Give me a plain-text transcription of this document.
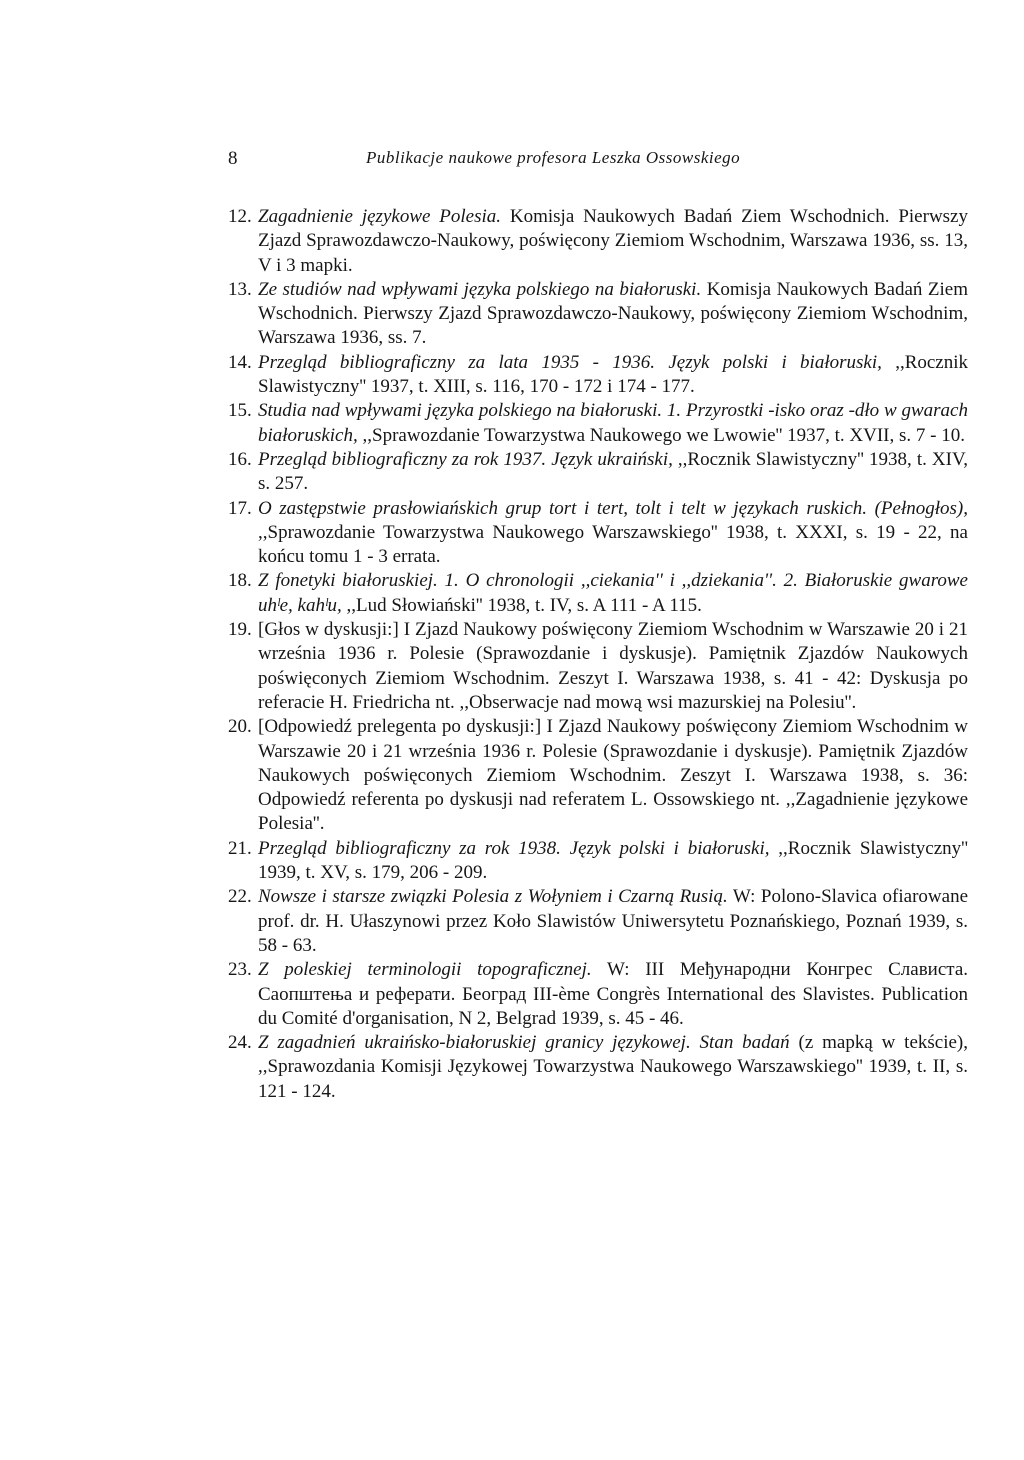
8	Publikacje naukowe profesora Leszka Ossowskiego
12. Zagadnienie językowe Polesia. Komisja Naukowych Badań Ziem Wschodnich. Pierwszy Zjazd Sprawozdawczo-Naukowy, poświęcony Ziemiom Wschodnim, Warszawa 1936, ss. 13, V i 3 mapki.
13. Ze studiów nad wpływami języka polskiego na białoruski. Komisja Naukowych Badań Ziem Wschodnich. Pierwszy Zjazd Sprawozdawczo-Naukowy, poświęcony Ziemiom Wschodnim, Warszawa 1936, ss. 7.
14. Przegląd bibliograficzny za lata 1935 - 1936. Język polski i białoruski, ,,Rocznik Slawistyczny'' 1937, t. XIII, s. 116, 170 - 172 i 174 - 177.
15. Studia nad wpływami języka polskiego na białoruski. 1. Przyrostki -isko oraz -dło w gwarach białoruskich, ,,Sprawozdanie Towarzystwa Naukowego we Lwowie'' 1937, t. XVII, s. 7 - 10.
16. Przegląd bibliograficzny za rok 1937. Język ukraiński, ,,Rocznik Slawistyczny'' 1938, t. XIV, s. 257.
17. O zastępstwie prasłowiańskich grup tort i tert, tolt i telt w językach ruskich. (Pełnogłos), ,,Sprawozdanie Towarzystwa Naukowego Warszawskiego'' 1938, t. XXXI, s. 19 - 22, na końcu tomu 1 - 3 errata.
18. Z fonetyki białoruskiej. 1. O chronologii ,,ciekania'' i ,,dziekania''. 2. Białoruskie gwarowe uhˡe, kahˡu, ,,Lud Słowiański'' 1938, t. IV, s. A 111 - A 115.
19. [Głos w dyskusji:] I Zjazd Naukowy poświęcony Ziemiom Wschodnim w Warszawie 20 i 21 września 1936 r. Polesie (Sprawozdanie i dyskusje). Pamiętnik Zjazdów Naukowych poświęconych Ziemiom Wschodnim. Zeszyt I. Warszawa 1938, s. 41 - 42: Dyskusja po referacie H. Friedricha nt. ,,Obserwacje nad mową wsi mazurskiej na Polesiu''.
20. [Odpowiedź prelegenta po dyskusji:] I Zjazd Naukowy poświęcony Ziemiom Wschodnim w Warszawie 20 i 21 września 1936 r. Polesie (Sprawozdanie i dyskusje). Pamiętnik Zjazdów Naukowych poświęconych Ziemiom Wschodnim. Zeszyt I. Warszawa 1938, s. 36: Odpowiedź referenta po dyskusji nad referatem L. Ossowskiego nt. ,,Zagadnienie językowe Polesia''.
21. Przegląd bibliograficzny za rok 1938. Język polski i białoruski, ,,Rocznik Slawistyczny'' 1939, t. XV, s. 179, 206 - 209.
22. Nowsze i starsze związki Polesia z Wołyniem i Czarną Rusią. W: Polono-Slavica ofiarowane prof. dr. H. Ułaszynowi przez Koło Slawistów Uniwersytetu Poznańskiego, Poznań 1939, s. 58 - 63.
23. Z poleskiej terminologii topograficznej. W: III Међународни Конгрес Слависта. Саопштења и реферати. Београд III-ème Congrès International des Slavistes. Publication du Comité d'organisation, N 2, Belgrad 1939, s. 45 - 46.
24. Z zagadnień ukraińsko-białoruskiej granicy językowej. Stan badań (z mapką w tekście), ,,Sprawozdania Komisji Językowej Towarzystwa Naukowego Warszawskiego'' 1939, t. II, s. 121 - 124.
